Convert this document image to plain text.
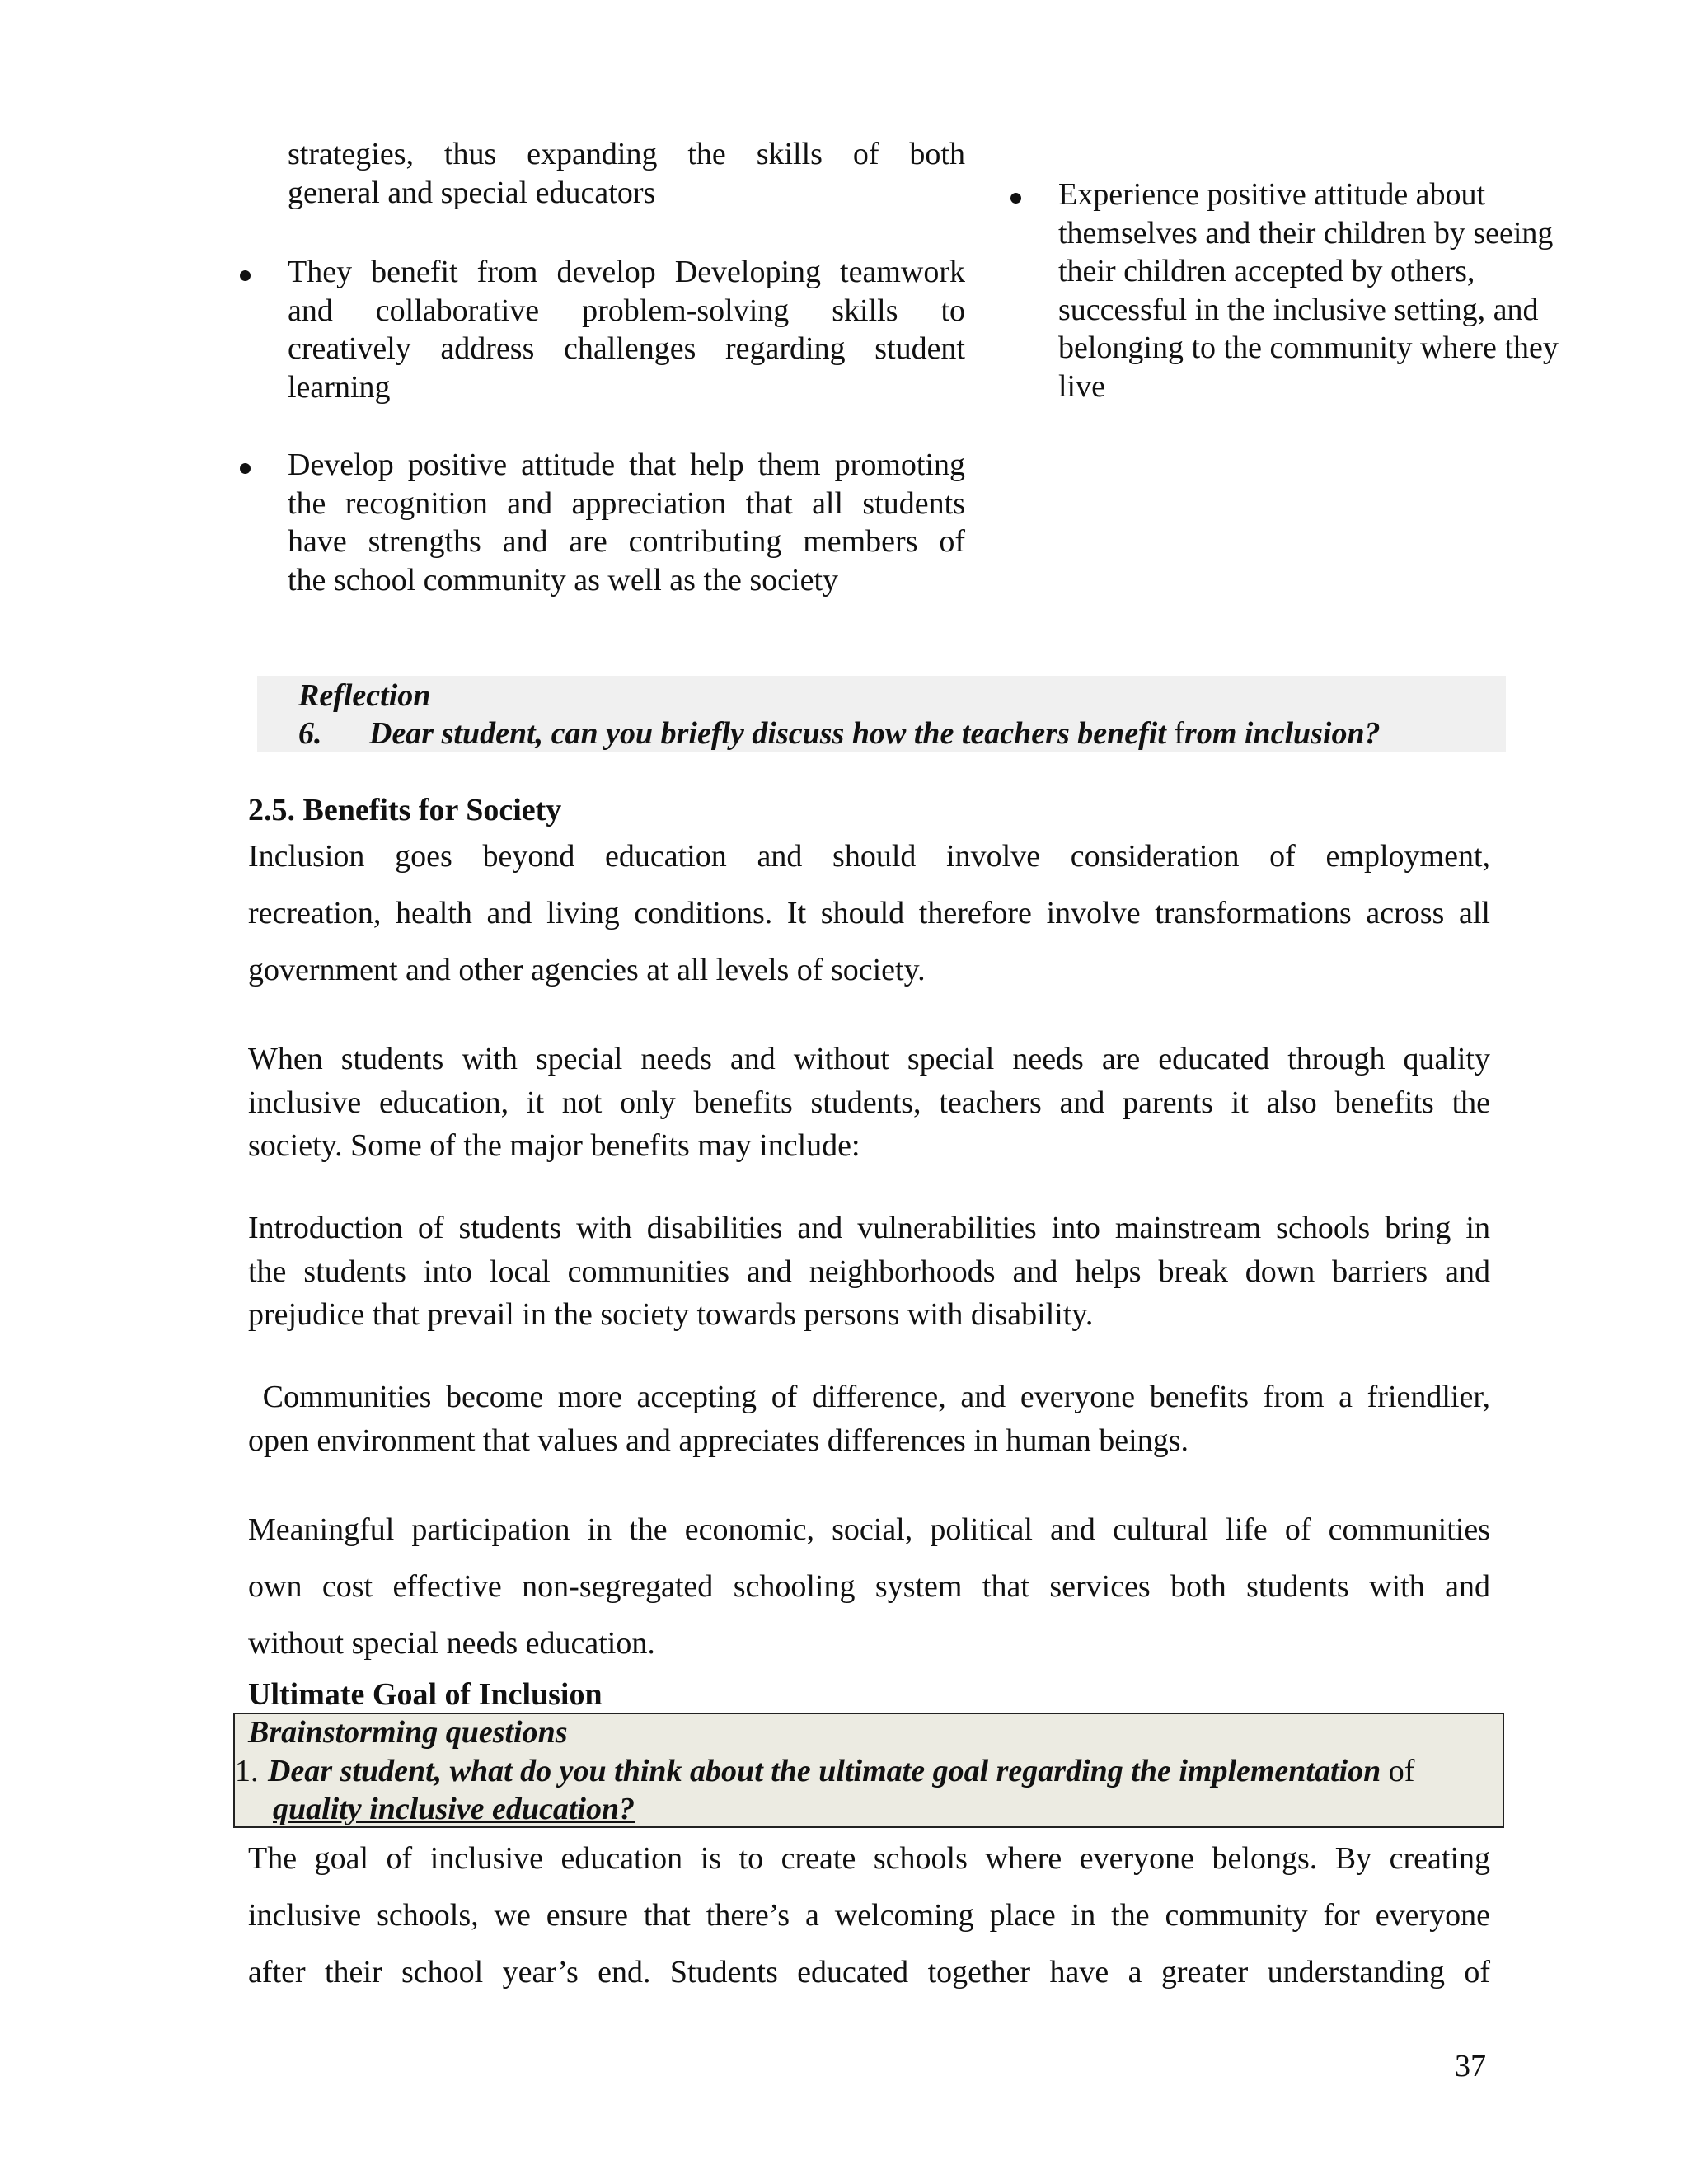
strategies, thus expanding the skills of both
general and special educators
They benefit from develop Developing teamwork
and collaborative problem-solving skills to
creatively address challenges regarding student
learning
Develop positive attitude that help them promoting
the recognition and appreciation that all students
have strengths and are contributing members of
the school community as well as the society
Experience positive attitude about
themselves and their children by seeing
their children accepted by others,
successful in the inclusive setting, and
belonging to the community where they
live
Reflection
6. Dear student, can you briefly discuss how the teachers benefit from inclusion?
2.5. Benefits for Society
Inclusion goes beyond education and should involve consideration of employment,
recreation, health and living conditions. It should therefore involve transformations across all
government and other agencies at all levels of society.
When students with special needs and without special needs are educated through quality
inclusive education, it not only benefits students, teachers and parents it also benefits the
society. Some of the major benefits may include:
Introduction of students with disabilities and vulnerabilities into mainstream schools bring in
the students into local communities and neighborhoods and helps break down barriers and
prejudice that prevail in the society towards persons with disability.
Communities become more accepting of difference, and everyone benefits from a friendlier,
open environment that values and appreciates differences in human beings.
Meaningful participation in the economic, social, political and cultural life of communities
own cost effective non-segregated schooling system that services both students with and
without special needs education.
Ultimate Goal of Inclusion
Brainstorming questions
1. Dear student, what do you think about the ultimate goal regarding the implementation of
quality inclusive education?
The goal of inclusive education is to create schools where everyone belongs. By creating
inclusive schools, we ensure that there’s a welcoming place in the community for everyone
after their school year’s end. Students educated together have a greater understanding of
37
